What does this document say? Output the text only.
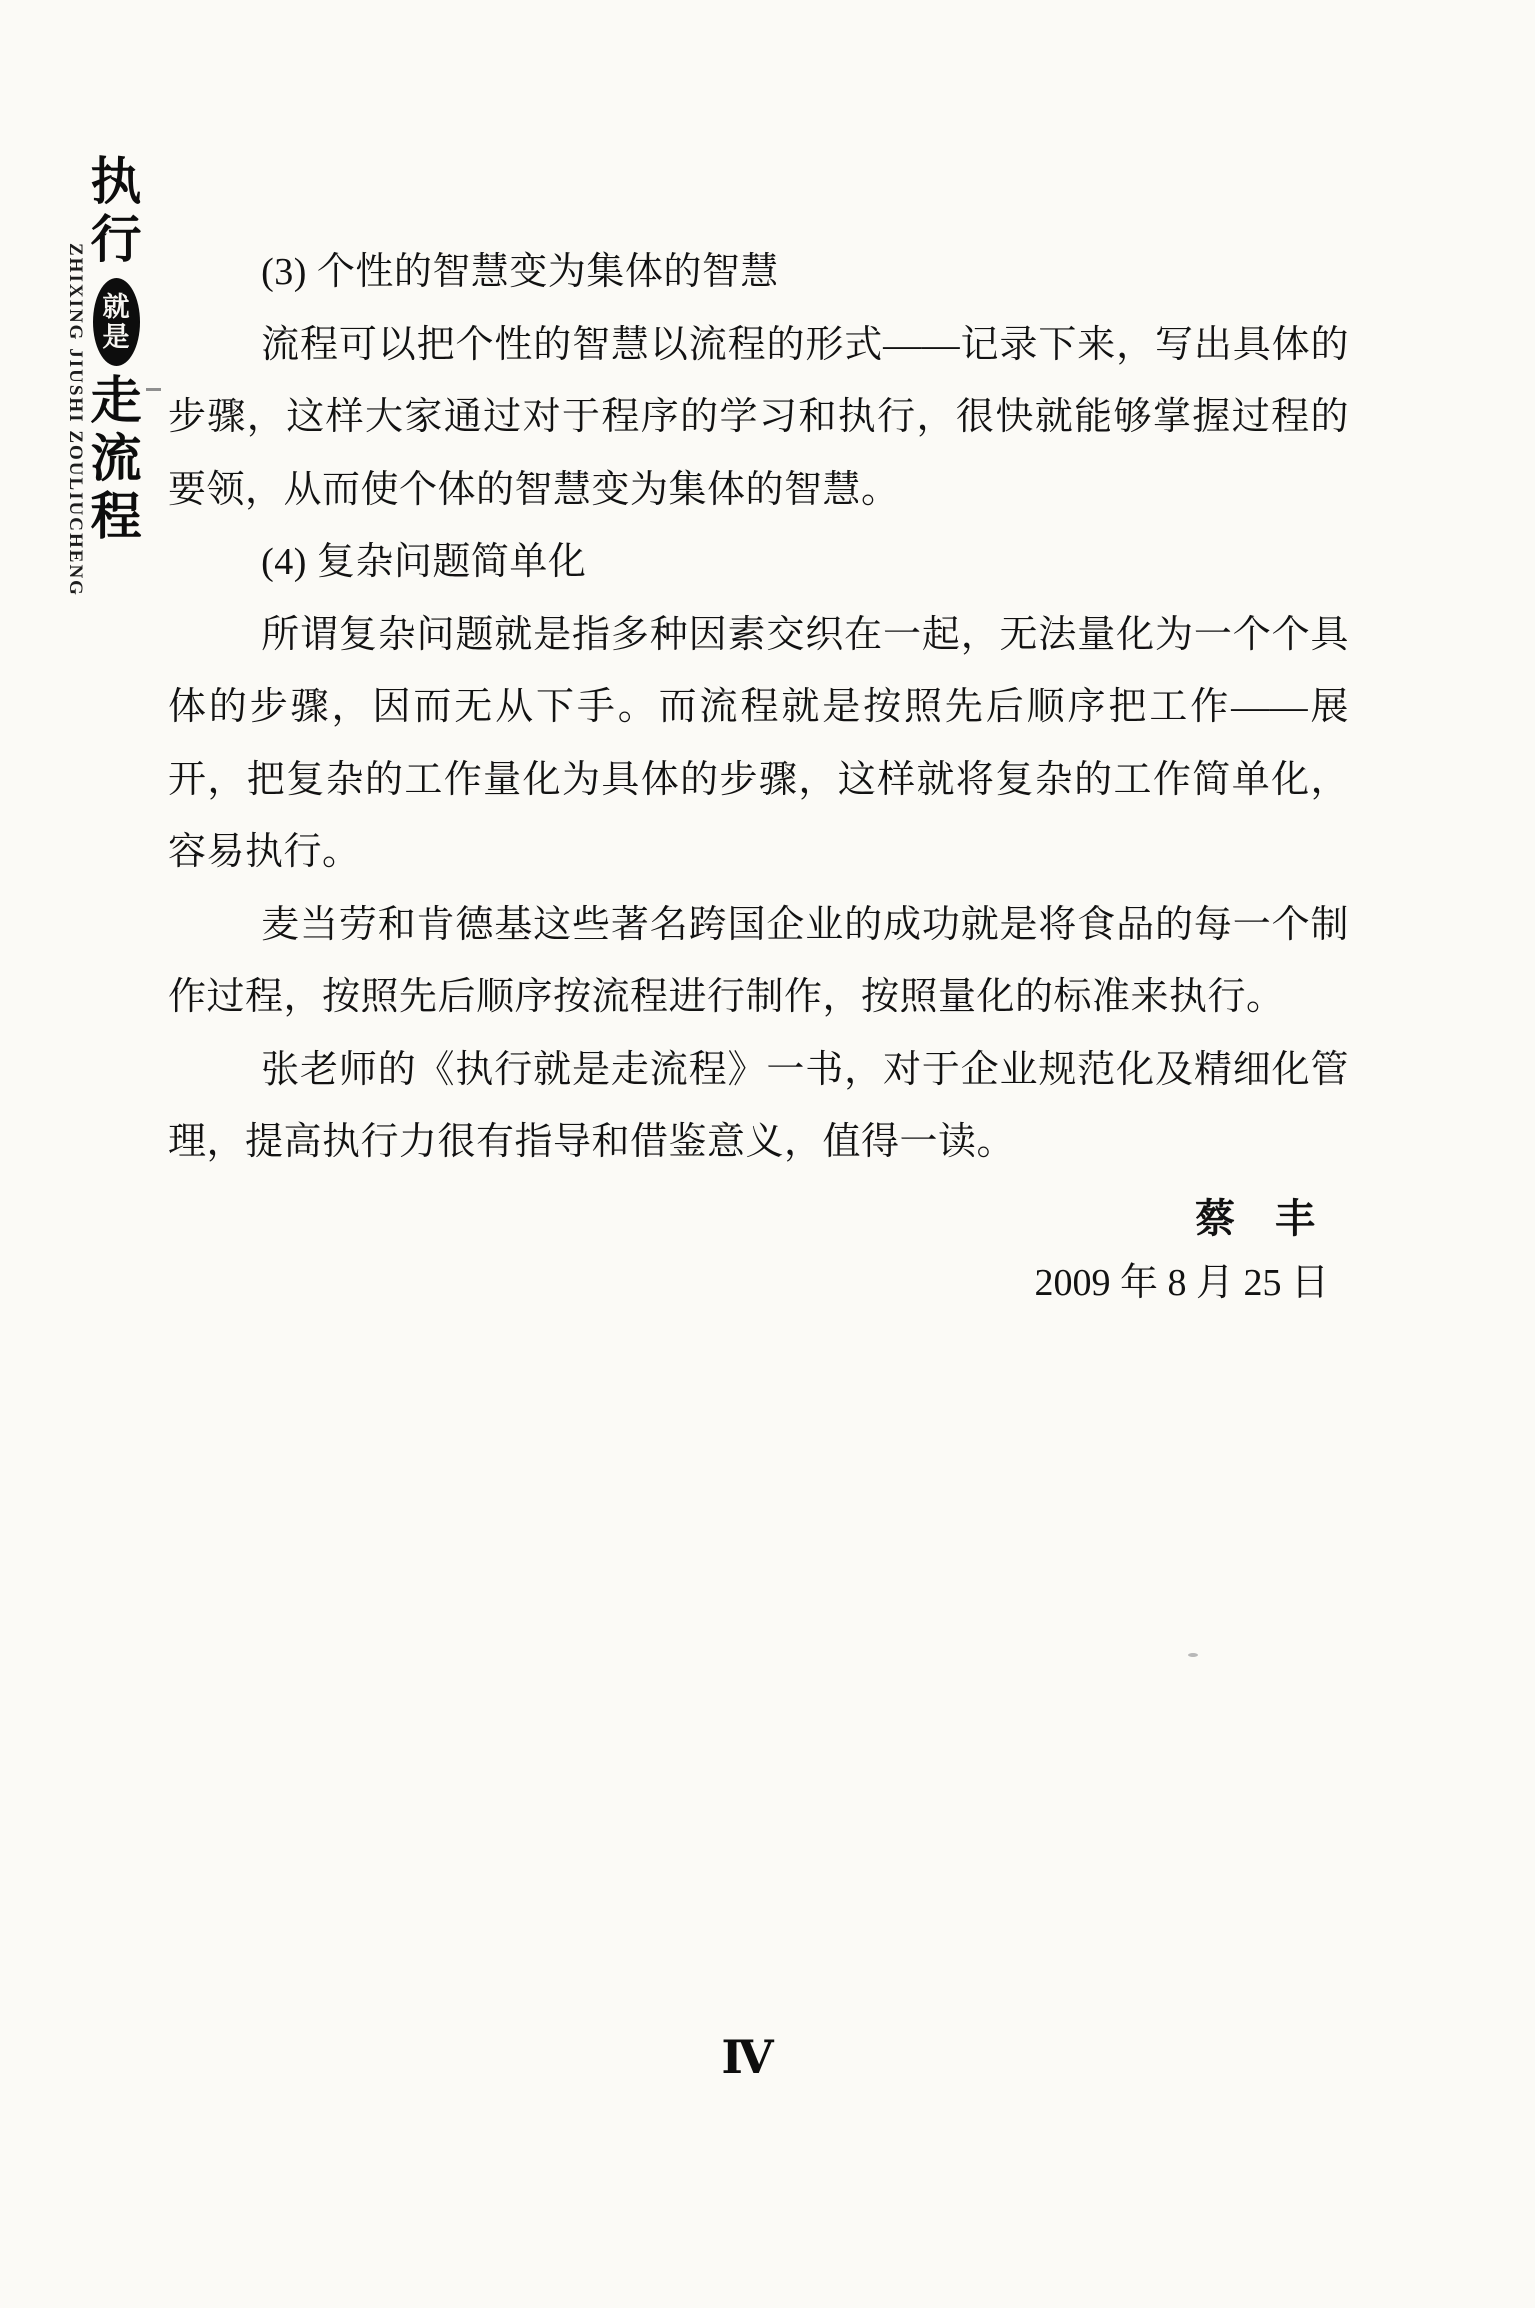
ZHIXING JIUSHI ZOULIUCHENG
执
行
就
是
走
流
程

(3) 个性的智慧变为集体的智慧

流程可以把个性的智慧以流程的形式——记录下来，写出具体的步骤，这样大家通过对于程序的学习和执行，很快就能够掌握过程的要领，从而使个体的智慧变为集体的智慧。

(4) 复杂问题简单化

所谓复杂问题就是指多种因素交织在一起，无法量化为一个个具体的步骤，因而无从下手。而流程就是按照先后顺序把工作——展开，把复杂的工作量化为具体的步骤，这样就将复杂的工作简单化，容易执行。

麦当劳和肯德基这些著名跨国企业的成功就是将食品的每一个制作过程，按照先后顺序按流程进行制作，按照量化的标准来执行。

张老师的《执行就是走流程》一书，对于企业规范化及精细化管理，提高执行力很有指导和借鉴意义，值得一读。

蔡　丰
2009 年 8 月 25 日
Ⅳ
